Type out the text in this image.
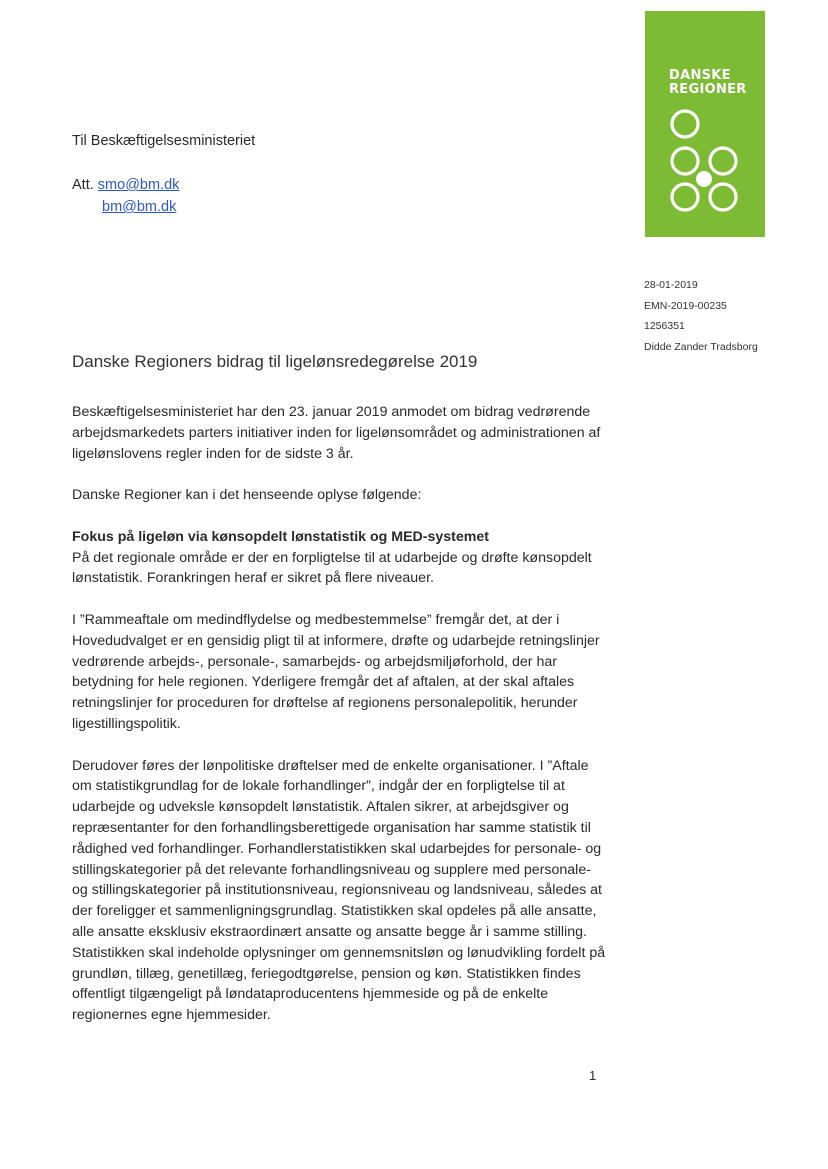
DANSKE
REGIONER
Til Beskæftigelsesministeriet
Att. smo@bm.dk
bm@bm.dk
28-01-2019
EMN-2019-00235
1256351
Didde Zander Tradsborg
Danske Regioners bidrag til ligelønsredegørelse 2019

Beskæftigelsesministeriet har den 23. januar 2019 anmodet om bidrag vedrørende arbejdsmarkedets parters initiativer inden for ligelønsområdet og administrationen af ligelønslovens regler inden for de sidste 3 år.

Danske Regioner kan i det henseende oplyse følgende:

Fokus på ligeløn via kønsopdelt lønstatistik og MED-systemet
På det regionale område er der en forpligtelse til at udarbejde og drøfte kønsopdelt lønstatistik. Forankringen heraf er sikret på flere niveauer.

I ”Rammeaftale om medindflydelse og medbestemmelse” fremgår det, at der i Hovedudvalget er en gensidig pligt til at informere, drøfte og udarbejde retningslinjer vedrørende arbejds-, personale-, samarbejds- og arbejdsmiljøforhold, der har betydning for hele regionen. Yderligere fremgår det af aftalen, at der skal aftales retningslinjer for proceduren for drøftelse af regionens personalepolitik, herunder ligestillingspolitik.

Derudover føres der lønpolitiske drøftelser med de enkelte organisationer. I ”Aftale om statistikgrundlag for de lokale forhandlinger”, indgår der en forpligtelse til at udarbejde og udveksle kønsopdelt lønstatistik. Aftalen sikrer, at arbejdsgiver og repræsentanter for den forhandlingsberettigede organisation har samme statistik til rådighed ved forhandlinger. Forhandlerstatistikken skal udarbejdes for personale- og stillingskategorier på det relevante forhandlingsniveau og supplere med personale- og stillingskategorier på institutionsniveau, regionsniveau og landsniveau, således at der foreligger et sammenligningsgrundlag. Statistikken skal opdeles på alle ansatte, alle ansatte eksklusiv ekstraordinært ansatte og ansatte begge år i samme stilling. Statistikken skal indeholde oplysninger om gennemsnitsløn og lønudvikling fordelt på grundløn, tillæg, genetillæg, feriegodtgørelse, pension og køn. Statistikken findes offentligt tilgængeligt på løndataproducentens hjemmeside og på de enkelte regionernes egne hjemmesider.

1
